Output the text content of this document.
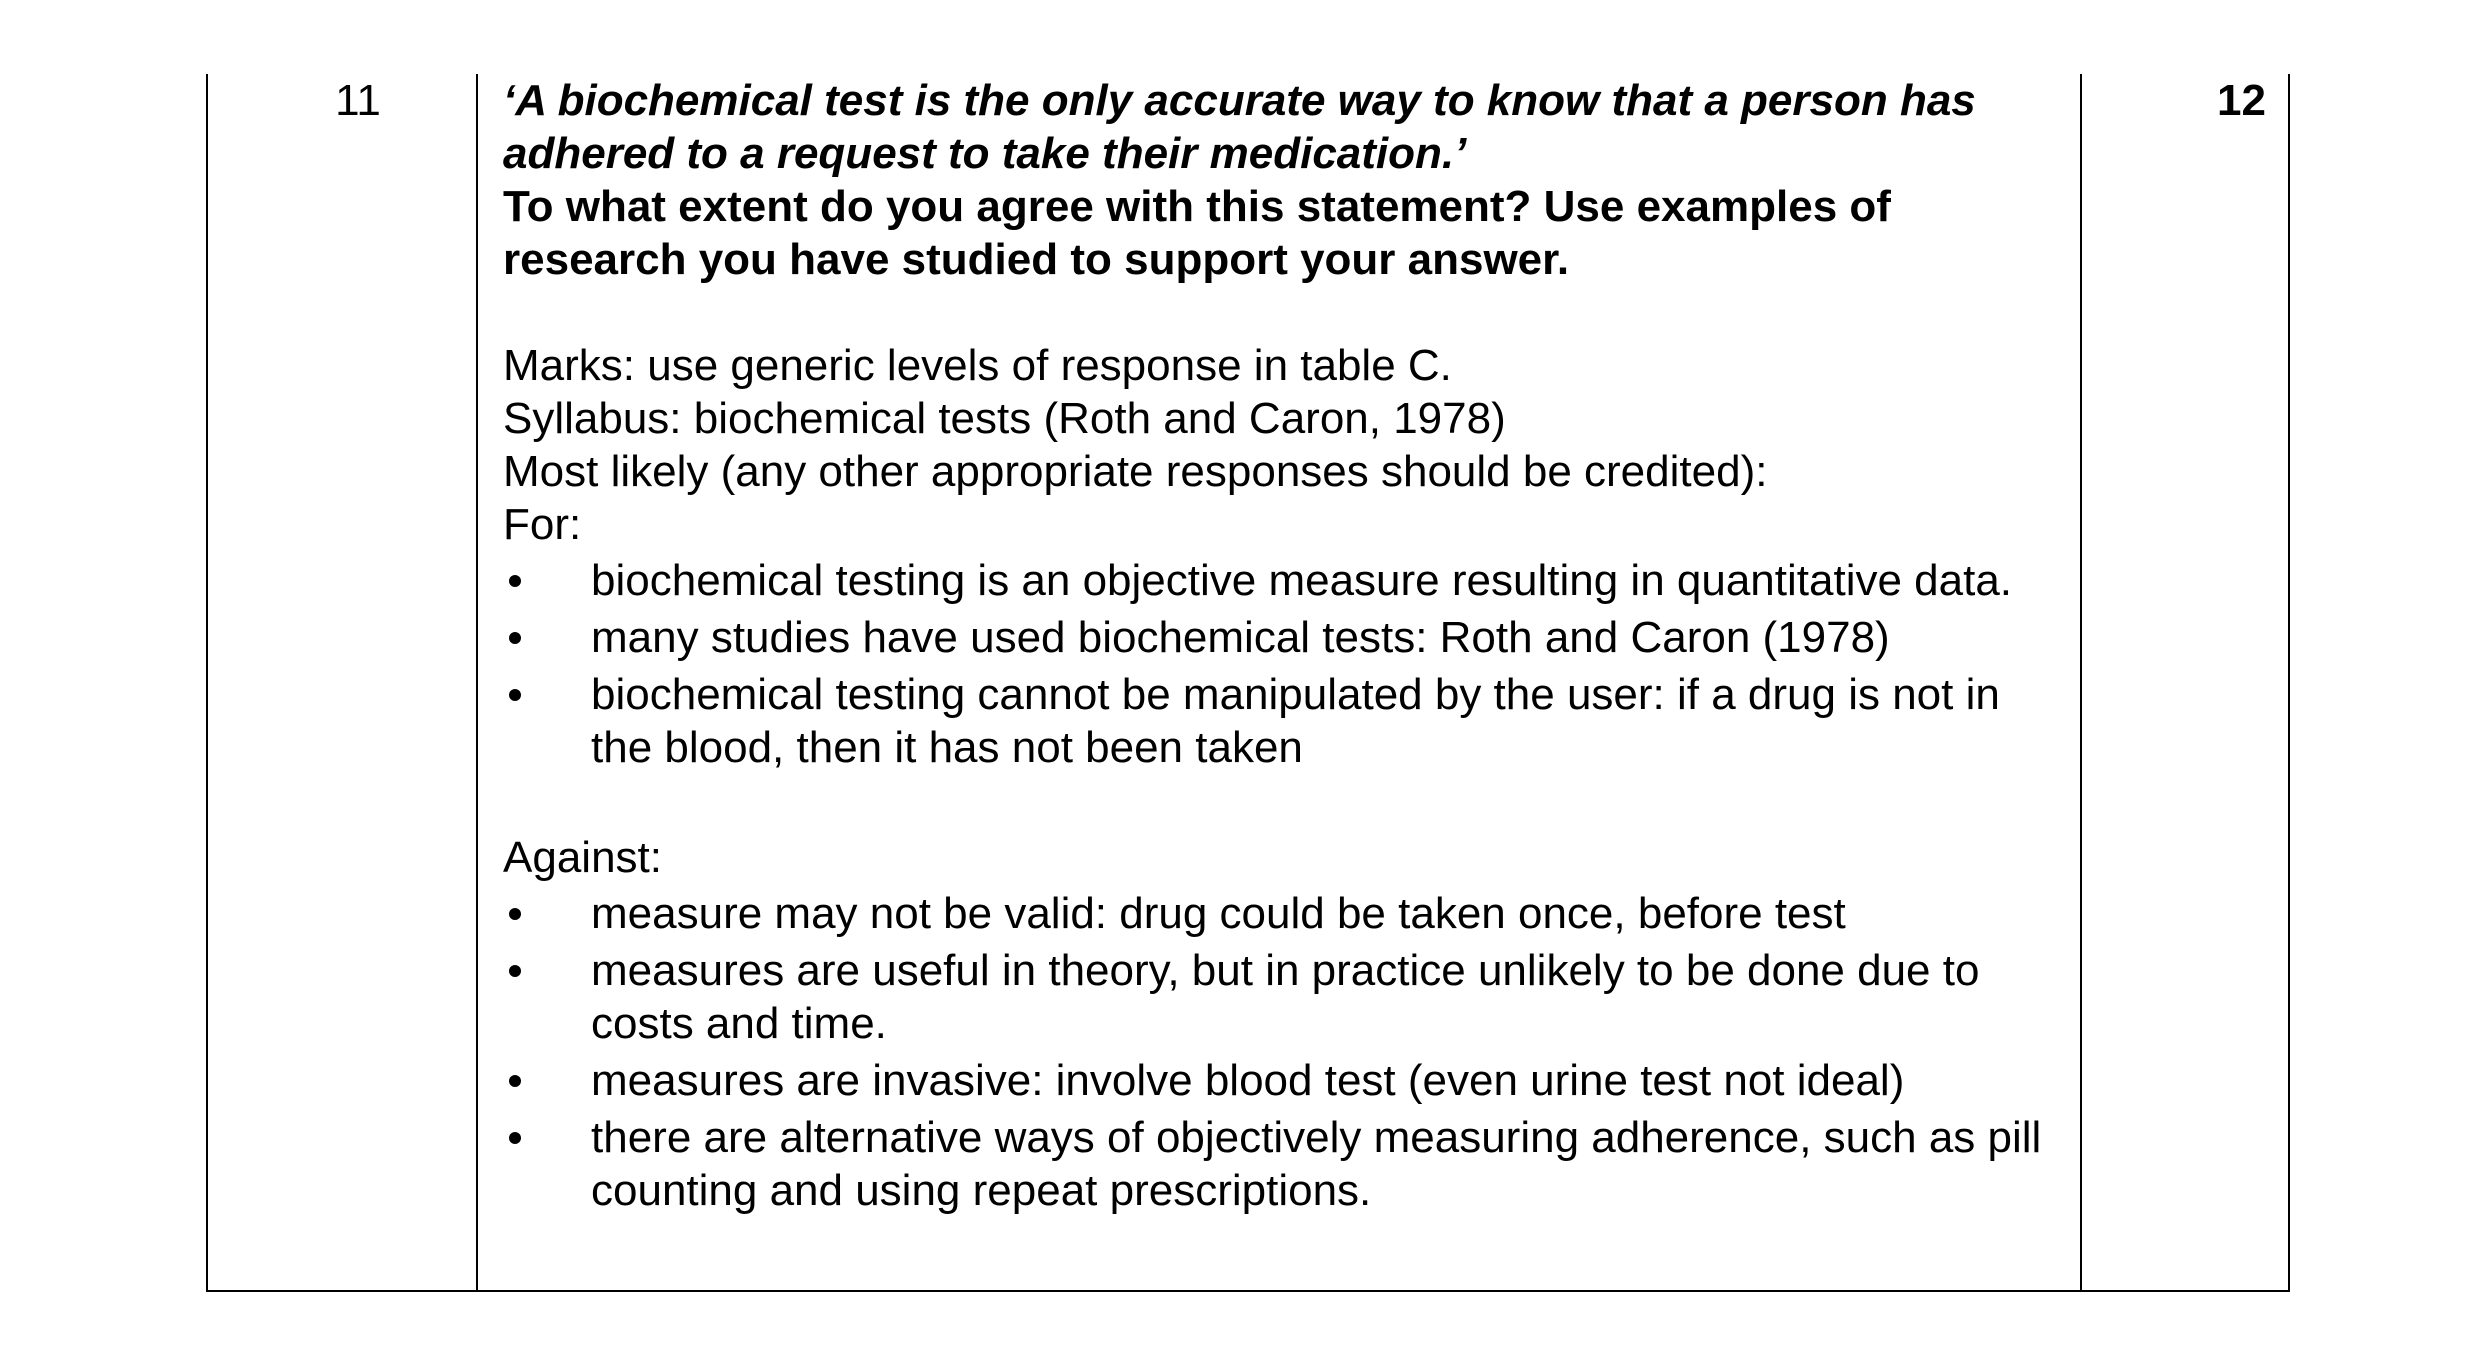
11	‘A biochemical test is the only accurate way to know that a person has adhered to a request to take their medication.’
To what extent do you agree with this statement? Use examples of research you have studied to support your answer.
Marks: use generic levels of response in table C.
Syllabus: biochemical tests (Roth and Caron, 1978)
Most likely (any other appropriate responses should be credited):
For:
biochemical testing is an objective measure resulting in quantitative data.
many studies have used biochemical tests: Roth and Caron (1978)
biochemical testing cannot be manipulated by the user: if a drug is not in the blood, then it has not been taken
Against:
measure may not be valid: drug could be taken once, before test
measures are useful in theory, but in practice unlikely to be done due to costs and time.
measures are invasive: involve blood test (even urine test not ideal)
there are alternative ways of objectively measuring adherence, such as pill counting and using repeat prescriptions.
12
